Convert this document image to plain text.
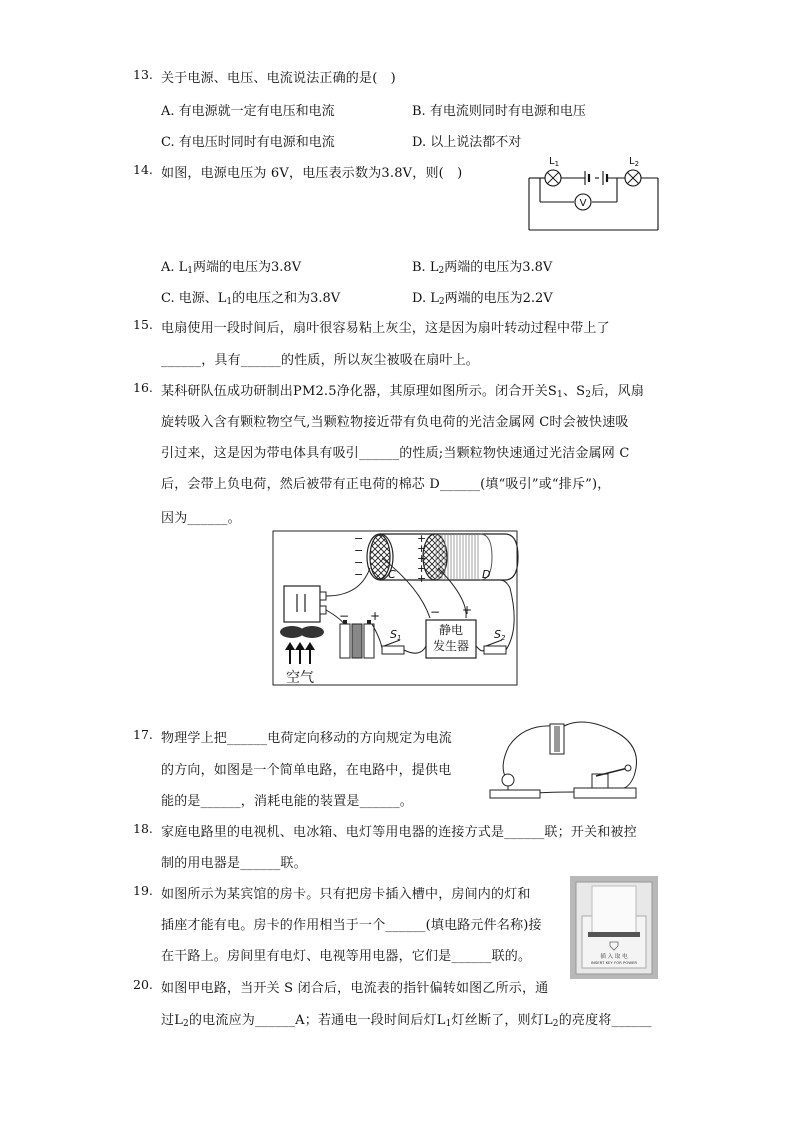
13. 关于电源、电压、电流说法正确的是(　)
A. 有电源就一定有电压和电流	B. 有电流则同时有电源和电压
C. 有电压时同时有电源和电流	D. 以上说法都不对
14. 如图，电源电压为 6V，电压表示数为3.8V，则(　)
V
$L_1$	$L_2$
A. $L_1$两端的电压为3.8V	B. $L_2$两端的电压为3.8V
C. 电源、$L_1$的电压之和为3.8V	D. $L_2$两端的电压为2.2V
15. 电扇使用一段时间后，扇叶很容易粘上灰尘，这是因为扇叶转动过程中带上了
______，具有______的性质，所以灰尘被吸在扇叶上。
16. 某科研队伍成功研制出PM2.5净化器，其原理如图所示。闭合开关$S_1$、$S_2$后，风扇
旋转吸入含有颗粒物空气,当颗粒物接近带有负电荷的光洁金属网 C时会被快速吸
引过来，这是因为带电体具有吸引______的性质;当颗粒物快速通过光洁金属网 C
后，会带上负电荷，然后被带有正电荷的棉芯 D______(填“吸引”或“排斥”)，
因为______。
−
−
−
−
+
+
+
+
+
C	D
− +
S1
静电
发生器
− +
S2
空气
17. 物理学上把______电荷定向移动的方向规定为电流
的方向，如图是一个简单电路，在电路中，提供电
能的是______，消耗电能的装置是______。
18. 家庭电路里的电视机、电冰箱、电灯等用电器的连接方式是______联；开关和被控
制的用电器是______联。
19. 如图所示为某宾馆的房卡。只有把房卡插入槽中，房间内的灯和
插座才能有电。房卡的作用相当于一个______(填电路元件名称)接
在干路上。房间里有电灯、电视等用电器，它们是______联的。	插 入 取 电
INSERT KEY FOR POWER
20. 如图甲电路，当开关 S 闭合后，电流表的指针偏转如图乙所示，通
过$L_2$的电流应为______A；若通电一段时间后灯$L_1$灯丝断了，则灯$L_2$的亮度将______
